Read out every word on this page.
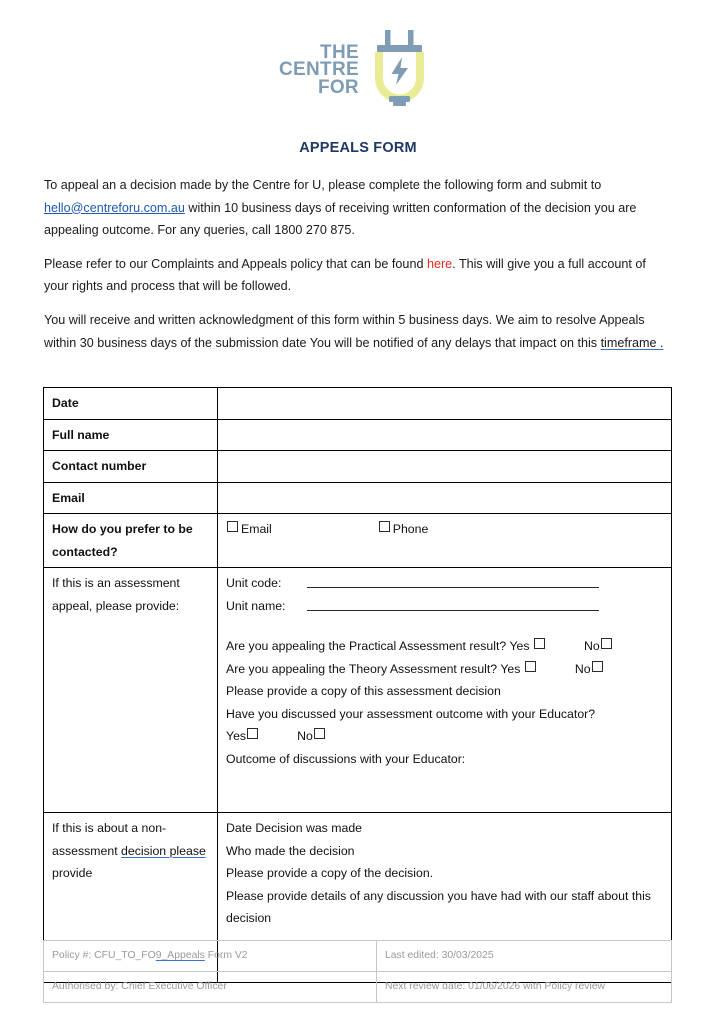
THE
CENTRE
FOR
APPEALS FORM

To appeal an a decision made by the Centre for U, please complete the following form and submit to hello@centreforu.com.au within 10 business days of receiving written conformation of the decision you are appealing outcome. For any queries, call 1800 270 875.

Please refer to our Complaints and Appeals policy that can be found here. This will give you a full account of your rights and process that will be followed.

You will receive and written acknowledgment of this form within 5 business days. We aim to resolve Appeals within 30 business days of the submission date You will be notified of any delays that impact on this timeframe .

Date	
Full name	
Contact number	
Email	
How do you prefer to be contacted?	Email Phone

If this is an assessment appeal, please provide:	
Unit code:
Unit name:
Are you appealing the Practical Assessment result? Yes	No
Are you appealing the Theory Assessment result? Yes	No
Please provide a copy of this assessment decision
Have you discussed your assessment outcome with your Educator?
Yes	No
Outcome of discussions with your Educator:

If this is about a non-assessment decision please provide	Date Decision was made
Who made the decision
Please provide a copy of the decision.
Please provide details of any discussion you have had with our staff about this decision
Policy #: CFU_TO_FO9_Appeals Form V2	Last edited: 30/03/2025
Authorised by: Chief Executive Officer	Next review date: 01/06/2026 with Policy review
